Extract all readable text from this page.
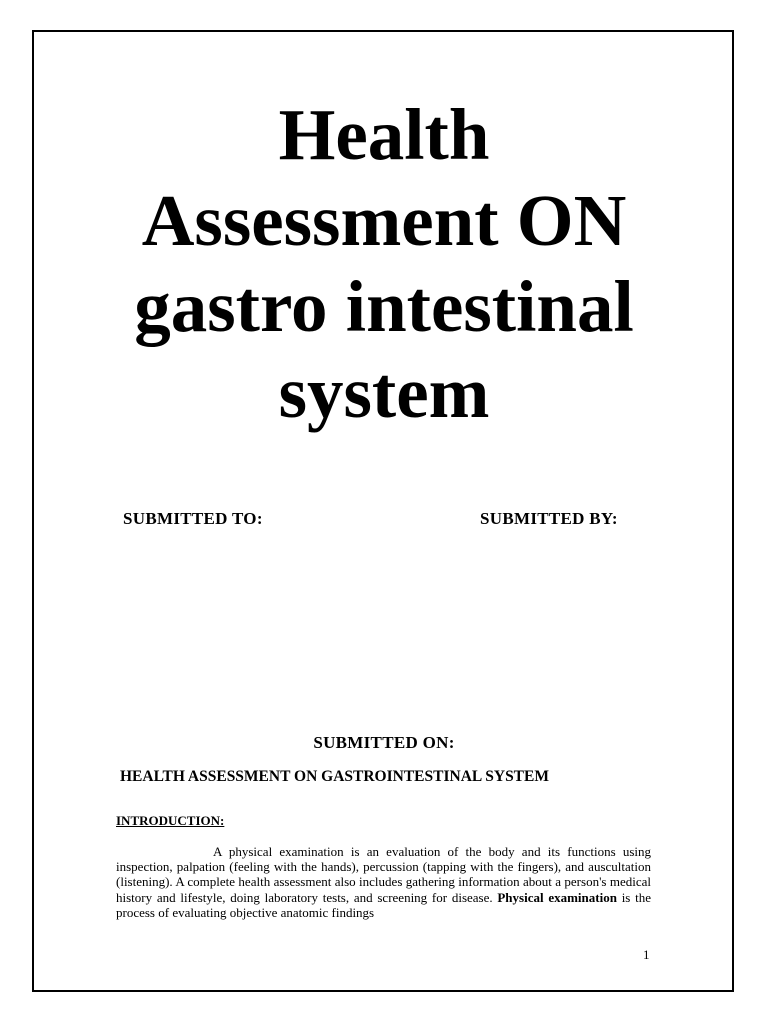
Health
Assessment ON
gastro intestinal
system
SUBMITTED TO:	SUBMITTED BY:
SUBMITTED ON:
HEALTH ASSESSMENT ON GASTROINTESTINAL SYSTEM
INTRODUCTION:

A physical examination is an evaluation of the body and its functions using inspection, palpation (feeling with the hands), percussion (tapping with the fingers), and auscultation (listening). A complete health assessment also includes gathering information about a person's medical history and lifestyle, doing laboratory tests, and screening for disease. Physical examination is the process of evaluating objective anatomic findings

1
